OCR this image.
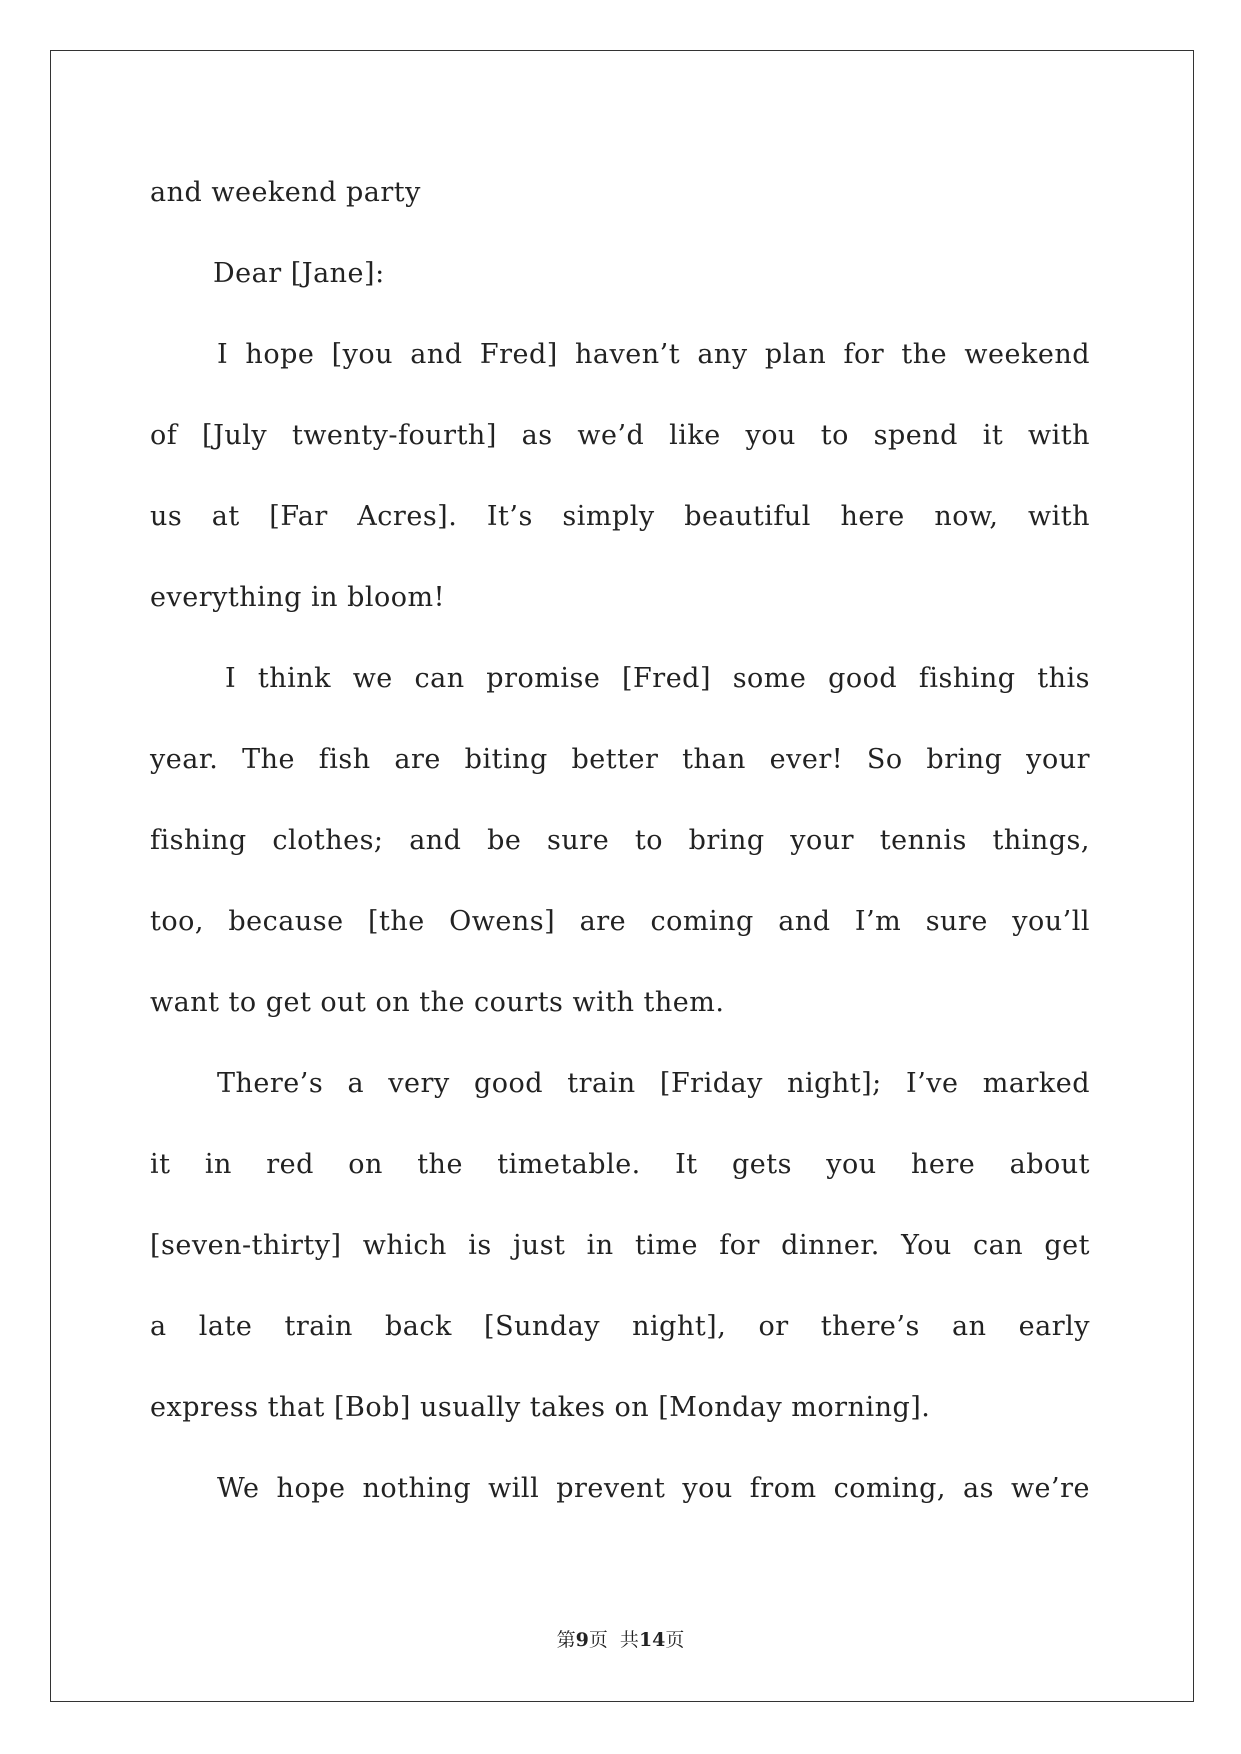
and weekend party
Dear [Jane]:
I hope [you and Fred] haven’t any plan for the weekend
of [July twenty-fourth] as we’d like you to spend it with
us at [Far Acres]. It’s simply beautiful here now, with
everything in bloom!
I think we can promise [Fred] some good fishing this
year. The fish are biting better than ever! So bring your
fishing clothes; and be sure to bring your tennis things,
too, because [the Owens] are coming and I’m sure you’ll
want to get out on the courts with them.
There’s a very good train [Friday night]; I’ve marked
it in red on the timetable. It gets you here about
[seven-thirty] which is just in time for dinner. You can get
a late train back [Sunday night], or there’s an early
express that [Bob] usually takes on [Monday morning].
We hope nothing will prevent you from coming, as we’re
第9页  共14页
